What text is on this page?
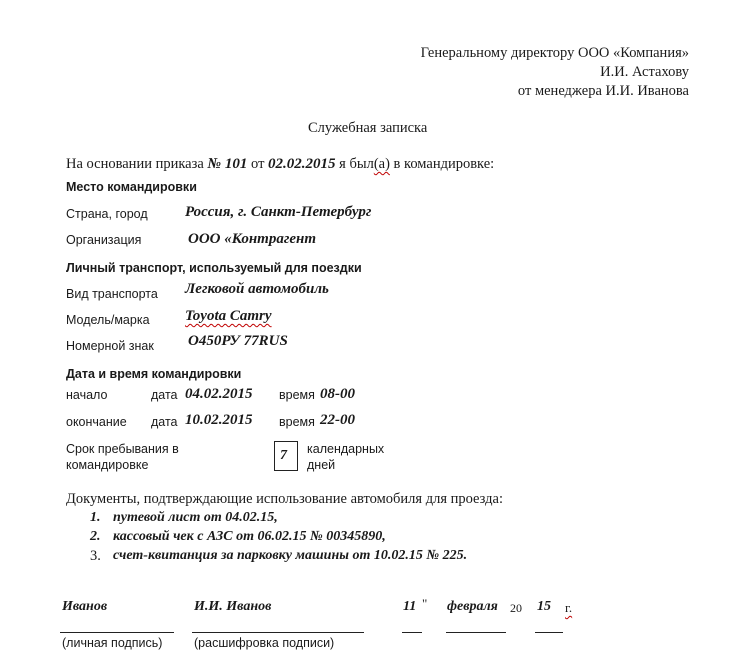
Генеральному директору ООО «Компания»
И.И. Астахову
от менеджера И.И. Иванова
Служебная записка
На основании приказа № 101 от 02.02.2015 я был(а) в командировке:
Место командировки
Страна, город Россия, г. Санкт-Петербург
Организация	ООО «Контрагент
Личный транспорт, используемый для поездки
Вид транспорта Легковой автомобиль
Модель/марка Toyota Camry
Номерной знак О450РУ 77RUS
Дата и время командировки
начало	дата 04.02.2015 время 08-00
окончание дата 10.02.2015 время 22-00
Срок пребывания в
командировке
7 календарных
дней
Документы, подтверждающие использование автомобиля для проезда:
1. путевой лист от 04.02.15,
2. кассовый чек с АЗС от 06.02.15 № 00345890,
3. счет-квитанция за парковку машины от 10.02.15 № 225.
Иванов	И.И. Иванов	11 " февраля 20 15 г.
(личная подпись)	(расшифровка подписи)
